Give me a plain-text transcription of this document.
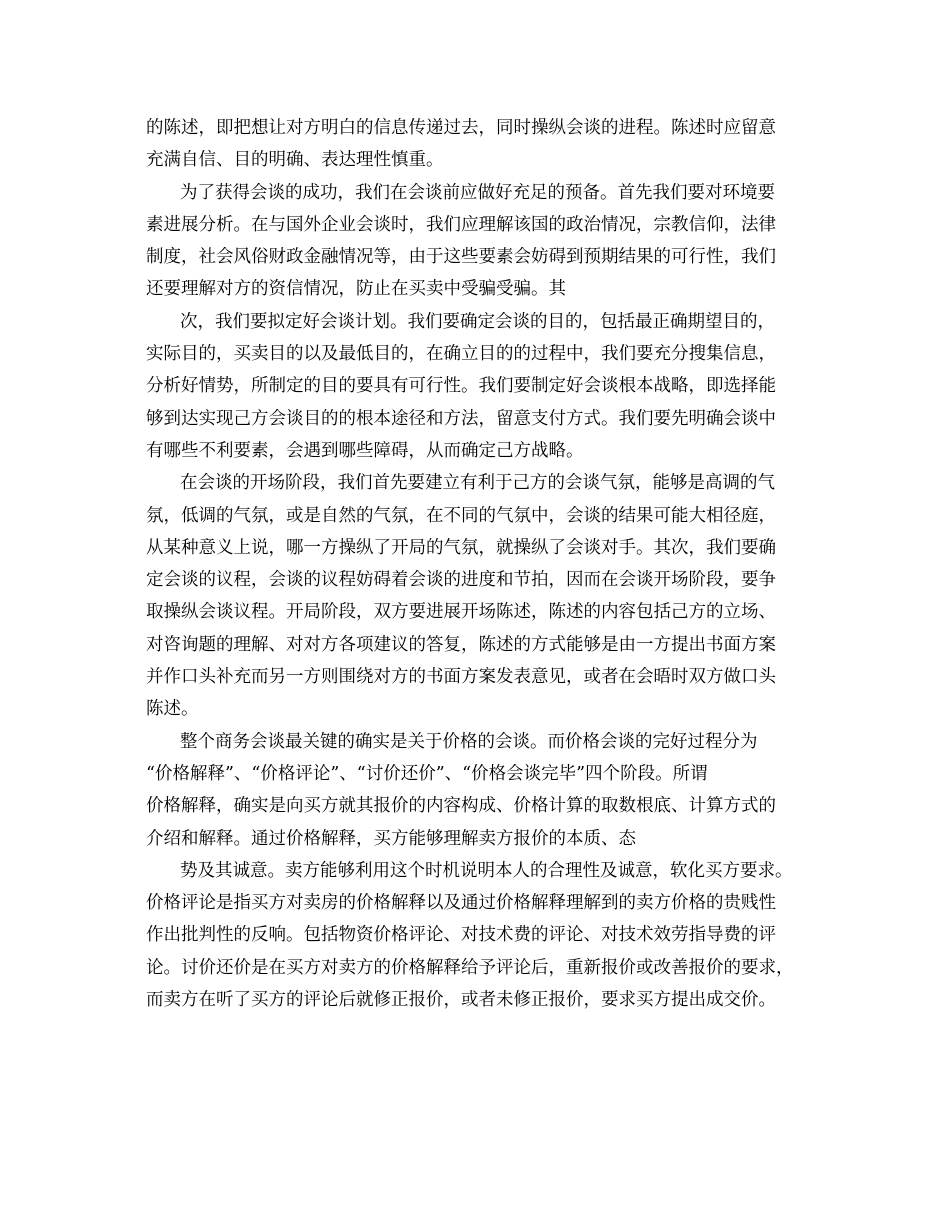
的陈述，即把想让对方明白的信息传递过去，同时操纵会谈的进程。陈述时应留意
充满自信、目的明确、表达理性慎重。
为了获得会谈的成功，我们在会谈前应做好充足的预备。首先我们要对环境要
素进展分析。在与国外企业会谈时，我们应理解该国的政治情况，宗教信仰，法律
制度，社会风俗财政金融情况等，由于这些要素会妨碍到预期结果的可行性，我们
还要理解对方的资信情况，防止在买卖中受骗受骗。其
次，我们要拟定好会谈计划。我们要确定会谈的目的，包括最正确期望目的，
实际目的，买卖目的以及最低目的，在确立目的的过程中，我们要充分搜集信息，
分析好情势，所制定的目的要具有可行性。我们要制定好会谈根本战略，即选择能
够到达实现己方会谈目的的根本途径和方法，留意支付方式。我们要先明确会谈中
有哪些不利要素，会遇到哪些障碍，从而确定己方战略。
在会谈的开场阶段，我们首先要建立有利于己方的会谈气氛，能够是高调的气
氛，低调的气氛，或是自然的气氛，在不同的气氛中，会谈的结果可能大相径庭，
从某种意义上说，哪一方操纵了开局的气氛，就操纵了会谈对手。其次，我们要确
定会谈的议程，会谈的议程妨碍着会谈的进度和节拍，因而在会谈开场阶段，要争
取操纵会谈议程。开局阶段，双方要进展开场陈述，陈述的内容包括己方的立场、
对咨询题的理解、对对方各项建议的答复，陈述的方式能够是由一方提出书面方案
并作口头补充而另一方则围绕对方的书面方案发表意见，或者在会晤时双方做口头
陈述。
整个商务会谈最关键的确实是关于价格的会谈。而价格会谈的完好过程分为
“价格解释”、“价格评论”、“讨价还价”、“价格会谈完毕”四个阶段。所谓
价格解释，确实是向买方就其报价的内容构成、价格计算的取数根底、计算方式的
介绍和解释。通过价格解释，买方能够理解卖方报价的本质、态
势及其诚意。卖方能够利用这个时机说明本人的合理性及诚意，软化买方要求。
价格评论是指买方对卖房的价格解释以及通过价格解释理解到的卖方价格的贵贱性
作出批判性的反响。包括物资价格评论、对技术费的评论、对技术效劳指导费的评
论。讨价还价是在买方对卖方的价格解释给予评论后，重新报价或改善报价的要求，
而卖方在听了买方的评论后就修正报价，或者未修正报价，要求买方提出成交价。
